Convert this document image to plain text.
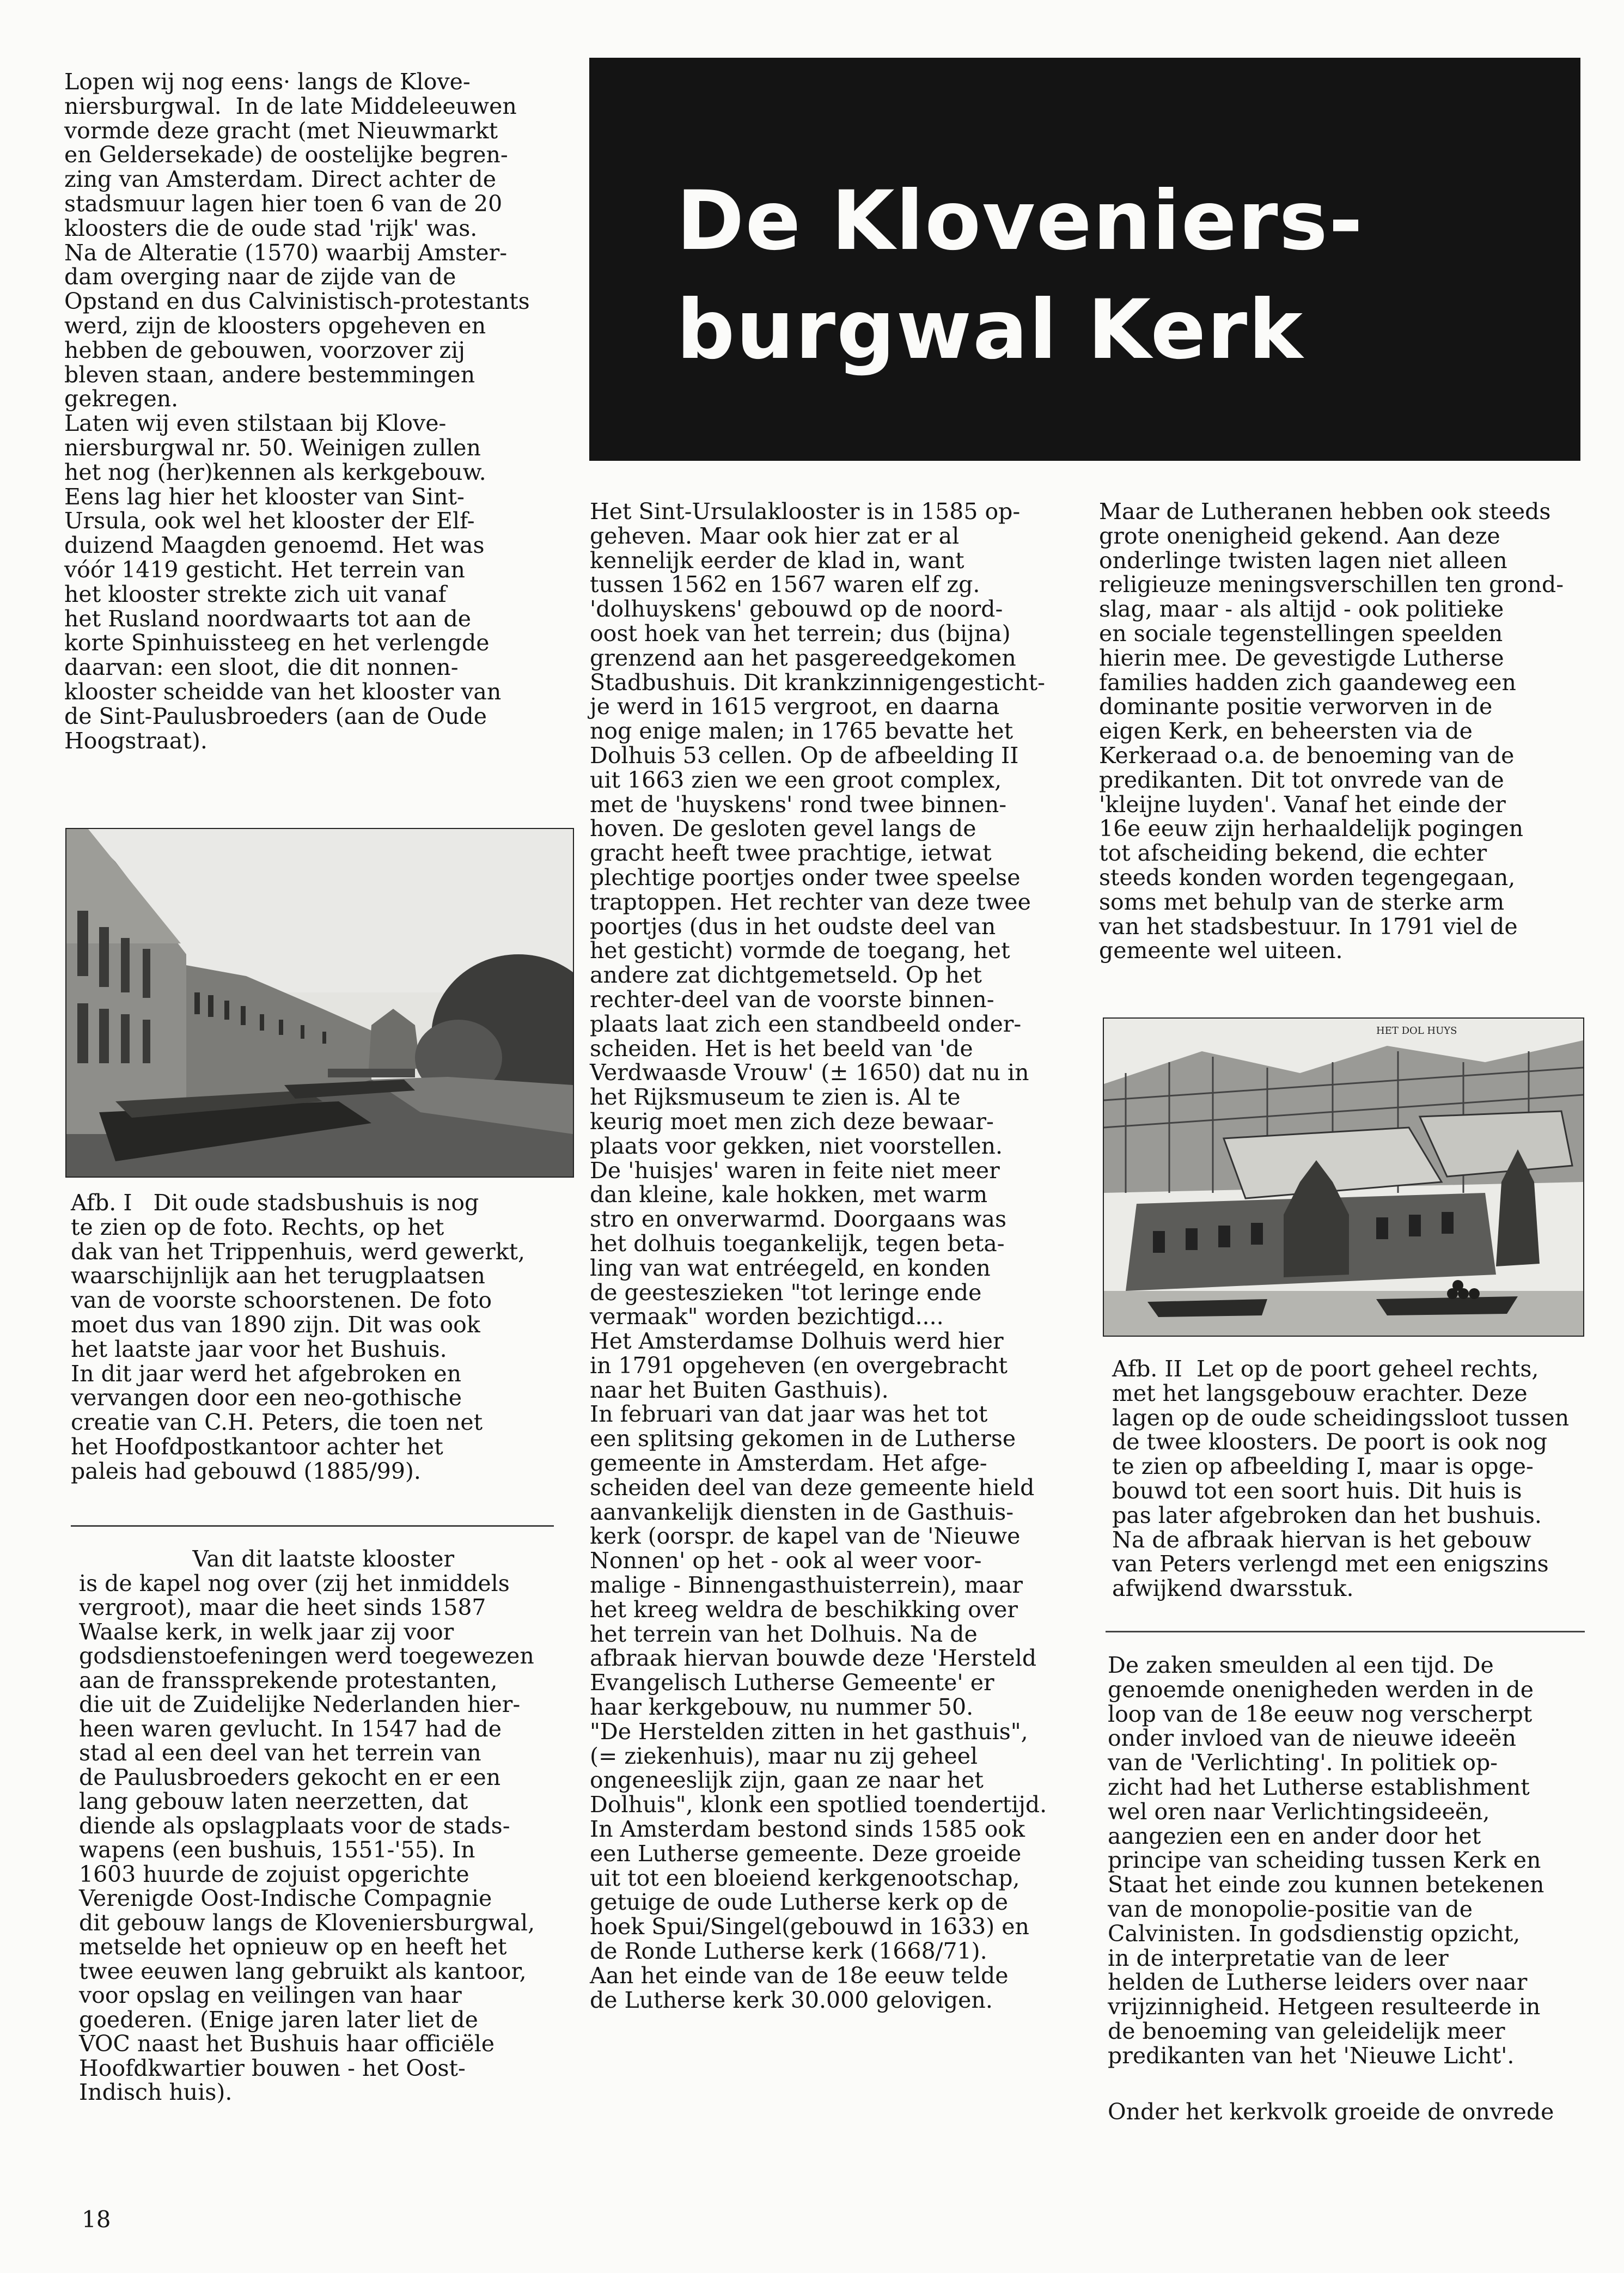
Lopen wij nog eens· langs de Klove-
niersburgwal.  In de late Middeleeuwen
vormde deze gracht (met Nieuwmarkt
en Geldersekade) de oostelijke begren-
zing van Amsterdam. Direct achter de
stadsmuur lagen hier toen 6 van de 20
kloosters die de oude stad 'rijk' was.
Na de Alteratie (1570) waarbij Amster-
dam overging naar de zijde van de
Opstand en dus Calvinistisch-protestants
werd, zijn de kloosters opgeheven en
hebben de gebouwen, voorzover zij
bleven staan, andere bestemmingen
gekregen.
Laten wij even stilstaan bij Klove-
niersburgwal nr. 50. Weinigen zullen
het nog (her)kennen als kerkgebouw.
Eens lag hier het klooster van Sint-
Ursula, ook wel het klooster der Elf-
duizend Maagden genoemd. Het was
vóór 1419 gesticht. Het terrein van
het klooster strekte zich uit vanaf
het Rusland noordwaarts tot aan de
korte Spinhuissteeg en het verlengde
daarvan: een sloot, die dit nonnen-
klooster scheidde van het klooster van
de Sint-Paulusbroeders (aan de Oude
Hoogstraat).

Afb. I   Dit oude stadsbushuis is nog
te zien op de foto. Rechts, op het
dak van het Trippenhuis, werd gewerkt,
waarschijnlijk aan het terugplaatsen
van de voorste schoorstenen. De foto
moet dus van 1890 zijn. Dit was ook
het laatste jaar voor het Bushuis.
In dit jaar werd het afgebroken en
vervangen door een neo-gothische
creatie van C.H. Peters, die toen net
het Hoofdpostkantoor achter het
paleis had gebouwd (1885/99).

Van dit laatste klooster
is de kapel nog over (zij het inmiddels
vergroot), maar die heet sinds 1587
Waalse kerk, in welk jaar zij voor
godsdienstoefeningen werd toegewezen
aan de franssprekende protestanten,
die uit de Zuidelijke Nederlanden hier-
heen waren gevlucht. In 1547 had de
stad al een deel van het terrein van
de Paulusbroeders gekocht en er een
lang gebouw laten neerzetten, dat
diende als opslagplaats voor de stads-
wapens (een bushuis, 1551-'55). In
1603 huurde de zojuist opgerichte
Verenigde Oost-Indische Compagnie
dit gebouw langs de Kloveniersburgwal,
metselde het opnieuw op en heeft het
twee eeuwen lang gebruikt als kantoor,
voor opslag en veilingen van haar
goederen. (Enige jaren later liet de
VOC naast het Bushuis haar officiële
Hoofdkwartier bouwen - het Oost-
Indisch huis).

De Kloveniers-
burgwal Kerk

Het Sint-Ursulaklooster is in 1585 op-
geheven. Maar ook hier zat er al
kennelijk eerder de klad in, want
tussen 1562 en 1567 waren elf zg.
'dolhuyskens' gebouwd op de noord-
oost hoek van het terrein; dus (bijna)
grenzend aan het pasgereedgekomen
Stadbushuis. Dit krankzinnigengesticht-
je werd in 1615 vergroot, en daarna
nog enige malen; in 1765 bevatte het
Dolhuis 53 cellen. Op de afbeelding II
uit 1663 zien we een groot complex,
met de 'huyskens' rond twee binnen-
hoven. De gesloten gevel langs de
gracht heeft twee prachtige, ietwat
plechtige poortjes onder twee speelse
traptoppen. Het rechter van deze twee
poortjes (dus in het oudste deel van
het gesticht) vormde de toegang, het
andere zat dichtgemetseld. Op het
rechter-deel van de voorste binnen-
plaats laat zich een standbeeld onder-
scheiden. Het is het beeld van 'de
Verdwaasde Vrouw' (± 1650) dat nu in
het Rijksmuseum te zien is. Al te
keurig moet men zich deze bewaar-
plaats voor gekken, niet voorstellen.
De 'huisjes' waren in feite niet meer
dan kleine, kale hokken, met warm
stro en onverwarmd. Doorgaans was
het dolhuis toegankelijk, tegen beta-
ling van wat entréegeld, en konden
de geesteszieken "tot leringe ende
vermaak" worden bezichtigd....
Het Amsterdamse Dolhuis werd hier
in 1791 opgeheven (en overgebracht
naar het Buiten Gasthuis).
In februari van dat jaar was het tot
een splitsing gekomen in de Lutherse
gemeente in Amsterdam. Het afge-
scheiden deel van deze gemeente hield
aanvankelijk diensten in de Gasthuis-
kerk (oorspr. de kapel van de 'Nieuwe
Nonnen' op het - ook al weer voor-
malige - Binnengasthuisterrein), maar
het kreeg weldra de beschikking over
het terrein van het Dolhuis. Na de
afbraak hiervan bouwde deze 'Hersteld
Evangelisch Lutherse Gemeente' er
haar kerkgebouw, nu nummer 50.
"De Herstelden zitten in het gasthuis",
(= ziekenhuis), maar nu zij geheel
ongeneeslijk zijn, gaan ze naar het
Dolhuis", klonk een spotlied toendertijd.
In Amsterdam bestond sinds 1585 ook
een Lutherse gemeente. Deze groeide
uit tot een bloeiend kerkgenootschap,
getuige de oude Lutherse kerk op de
hoek Spui/Singel(gebouwd in 1633) en
de Ronde Lutherse kerk (1668/71).
Aan het einde van de 18e eeuw telde
de Lutherse kerk 30.000 gelovigen.

Maar de Lutheranen hebben ook steeds
grote onenigheid gekend. Aan deze
onderlinge twisten lagen niet alleen
religieuze meningsverschillen ten grond-
slag, maar - als altijd - ook politieke
en sociale tegenstellingen speelden
hierin mee. De gevestigde Lutherse
families hadden zich gaandeweg een
dominante positie verworven in de
eigen Kerk, en beheersten via de
Kerkeraad o.a. de benoeming van de
predikanten. Dit tot onvrede van de
'kleijne luyden'. Vanaf het einde der
16e eeuw zijn herhaaldelijk pogingen
tot afscheiding bekend, die echter
steeds konden worden tegengegaan,
soms met behulp van de sterke arm
van het stadsbestuur. In 1791 viel de
gemeente wel uiteen.

HET DOL HUYS

Afb. II  Let op de poort geheel rechts,
met het langsgebouw erachter. Deze
lagen op de oude scheidingssloot tussen
de twee kloosters. De poort is ook nog
te zien op afbeelding I, maar is opge-
bouwd tot een soort huis. Dit huis is
pas later afgebroken dan het bushuis.
Na de afbraak hiervan is het gebouw
van Peters verlengd met een enigszins
afwijkend dwarsstuk.

De zaken smeulden al een tijd. De
genoemde onenigheden werden in de
loop van de 18e eeuw nog verscherpt
onder invloed van de nieuwe ideeën
van de 'Verlichting'. In politiek op-
zicht had het Lutherse establishment
wel oren naar Verlichtingsideeën,
aangezien een en ander door het
principe van scheiding tussen Kerk en
Staat het einde zou kunnen betekenen
van de monopolie-positie van de
Calvinisten. In godsdienstig opzicht,
in de interpretatie van de leer
helden de Lutherse leiders over naar
vrijzinnigheid. Hetgeen resulteerde in
de benoeming van geleidelijk meer
predikanten van het 'Nieuwe Licht'.

Onder het kerkvolk groeide de onvrede

18
